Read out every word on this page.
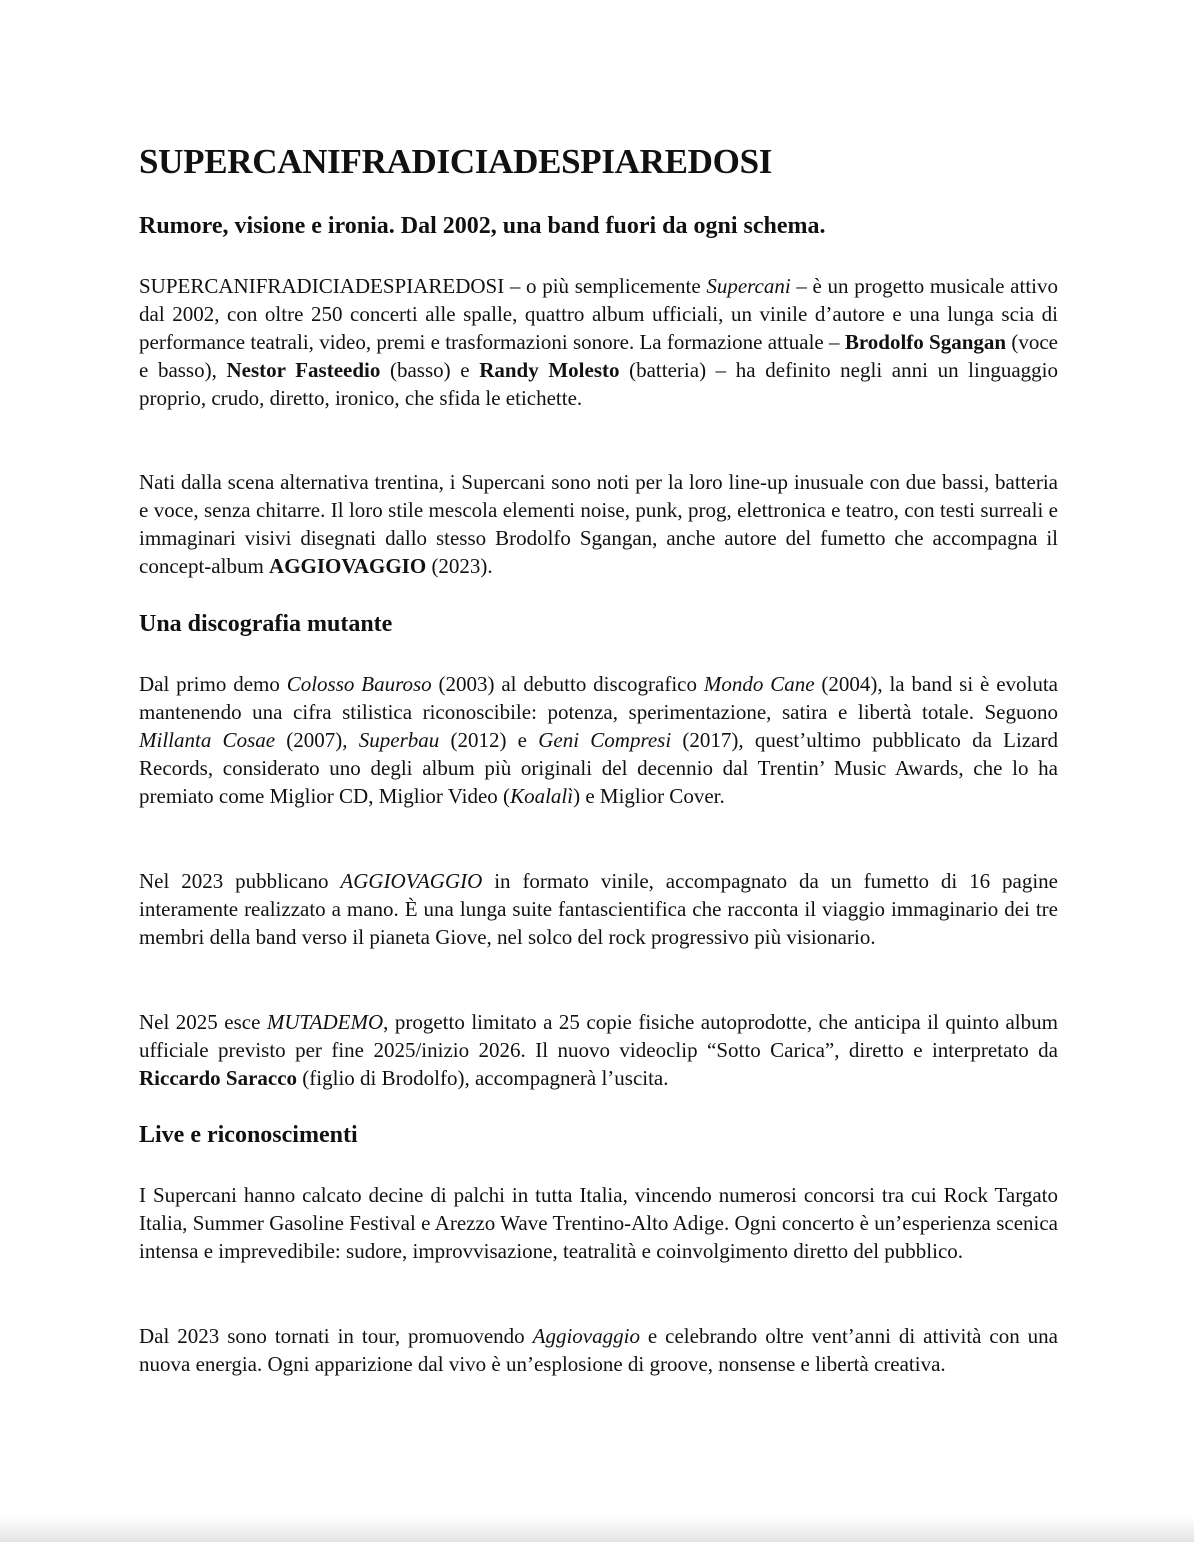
SUPERCANIFRADICIADESPIAREDOSI
Rumore, visione e ironia. Dal 2002, una band fuori da ogni schema.

SUPERCANIFRADICIADESPIAREDOSI – o più semplicemente Supercani – è un progetto musicale attivo dal 2002, con oltre 250 concerti alle spalle, quattro album ufficiali, un vinile d’autore e una lunga scia di performance teatrali, video, premi e trasformazioni sonore. La formazione attuale – Brodolfo Sgangan (voce e basso), Nestor Fasteedio (basso) e Randy Molesto (batteria) – ha definito negli anni un linguaggio proprio, crudo, diretto, ironico, che sfida le etichette.

Nati dalla scena alternativa trentina, i Supercani sono noti per la loro line-up inusuale con due bassi, batteria e voce, senza chitarre. Il loro stile mescola elementi noise, punk, prog, elettronica e teatro, con testi surreali e immaginari visivi disegnati dallo stesso Brodolfo Sgangan, anche autore del fumetto che accompagna il concept-album AGGIOVAGGIO (2023).

Una discografia mutante

Dal primo demo Colosso Bauroso (2003) al debutto discografico Mondo Cane (2004), la band si è evoluta mantenendo una cifra stilistica riconoscibile: potenza, sperimentazione, satira e libertà totale. Seguono Millanta Cosae (2007), Superbau (2012) e Geni Compresi (2017), quest’ultimo pubblicato da Lizard Records, considerato uno degli album più originali del decennio dal Trentin’ Music Awards, che lo ha premiato come Miglior CD, Miglior Video (Koalalì) e Miglior Cover.

Nel 2023 pubblicano AGGIOVAGGIO in formato vinile, accompagnato da un fumetto di 16 pagine interamente realizzato a mano. È una lunga suite fantascientifica che racconta il viaggio immaginario dei tre membri della band verso il pianeta Giove, nel solco del rock progressivo più visionario.

Nel 2025 esce MUTADEMO, progetto limitato a 25 copie fisiche autoprodotte, che anticipa il quinto album ufficiale previsto per fine 2025/inizio 2026. Il nuovo videoclip “Sotto Carica”, diretto e interpretato da Riccardo Saracco (figlio di Brodolfo), accompagnerà l’uscita.

Live e riconoscimenti

I Supercani hanno calcato decine di palchi in tutta Italia, vincendo numerosi concorsi tra cui Rock Targato Italia, Summer Gasoline Festival e Arezzo Wave Trentino-Alto Adige. Ogni concerto è un’esperienza scenica intensa e imprevedibile: sudore, improvvisazione, teatralità e coinvolgimento diretto del pubblico.

Dal 2023 sono tornati in tour, promuovendo Aggiovaggio e celebrando oltre vent’anni di attività con una nuova energia. Ogni apparizione dal vivo è un’esplosione di groove, nonsense e libertà creativa.
